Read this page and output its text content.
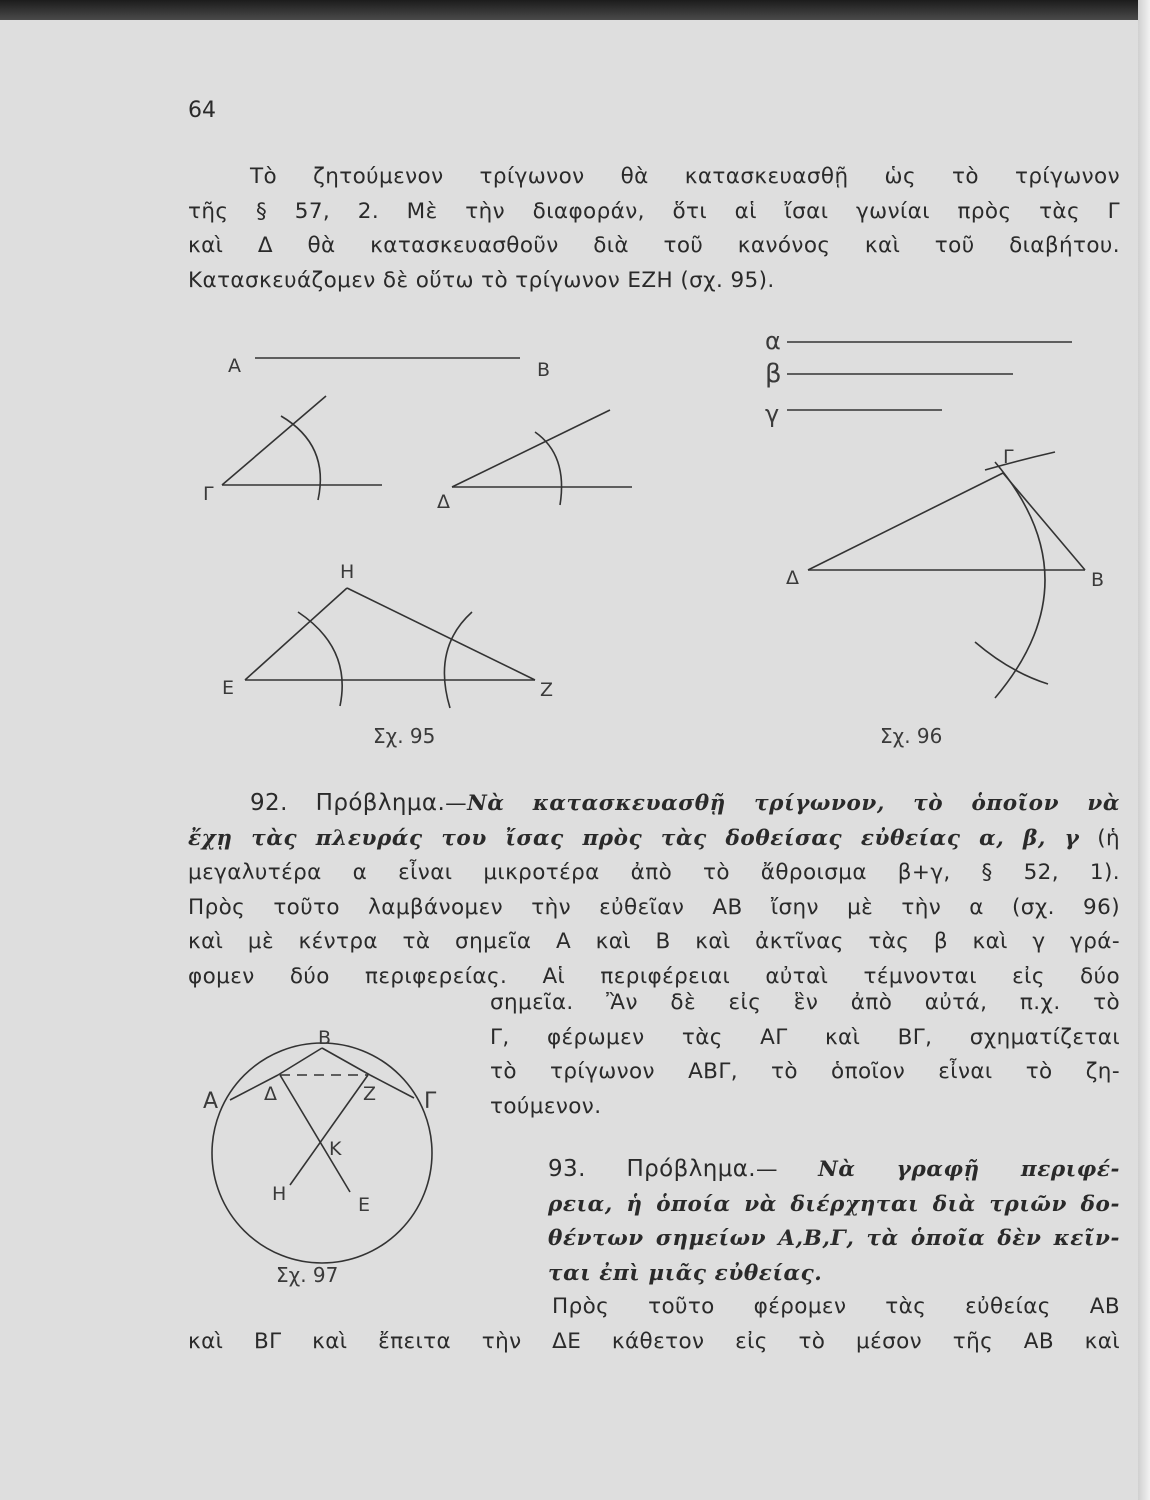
64
Τὸ ζητούμενον τρίγωνον θὰ κατασκευασθῇ ὡς τὸ τρίγωνον
τῆς § 57, 2. Μὲ τὴν διαφοράν, ὅτι αἱ ἴσαι γωνίαι πρὸς τὰς Γ
καὶ Δ θὰ κατασκευασθοῦν διὰ τοῦ κανόνος καὶ τοῦ διαβήτου.
Κατασκευάζομεν δὲ οὕτω τὸ τρίγωνον ΕΖΗ (σχ. 95).
A	B
Γ	Δ
H
E	Z
Σχ. 95
α
β
γ
Γ
Δ	B
Σχ. 96
B
A	Γ
Δ	Z
K
H	E
Σχ. 97
92. Πρόβλημα.—Νὰ κατασκευασθῇ τρίγωνον, τὸ ὁποῖον νὰ
ἔχῃ τὰς πλευράς του ἴσας πρὸς τὰς δοθείσας εὐθείας α, β, γ (ἡ
μεγαλυτέρα α εἶναι μικροτέρα ἀπὸ τὸ ἄθροισμα β+γ, § 52, 1).
Πρὸς τοῦτο λαμβάνομεν τὴν εὐθεῖαν ΑΒ ἴσην μὲ τὴν α (σχ. 96)
καὶ μὲ κέντρα τὰ σημεῖα Α καὶ Β καὶ ἀκτῖνας τὰς β καὶ γ γρά-
φομεν δύο περιφερείας. Αἱ περιφέρειαι αὐταὶ τέμνονται εἰς δύο
σημεῖα. Ἂν δὲ εἰς ἓν ἀπὸ αὐτά, π.χ. τὸ
Γ, φέρωμεν τὰς ΑΓ καὶ ΒΓ, σχηματίζεται
τὸ τρίγωνον ΑΒΓ, τὸ ὁποῖον εἶναι τὸ ζη-
τούμενον.
93. Πρόβλημα.— Νὰ γραφῇ περιφέ-
ρεια, ἡ ὁποία νὰ διέρχηται διὰ τριῶν δο-
θέντων σημείων Α,Β,Γ, τὰ ὁποῖα δὲν κεῖν-
ται ἐπὶ μιᾶς εὐθείας.
Πρὸς τοῦτο φέρομεν τὰς εὐθείας ΑΒ
καὶ ΒΓ καὶ ἔπειτα τὴν ΔΕ κάθετον εἰς τὸ μέσον τῆς ΑΒ καὶ
